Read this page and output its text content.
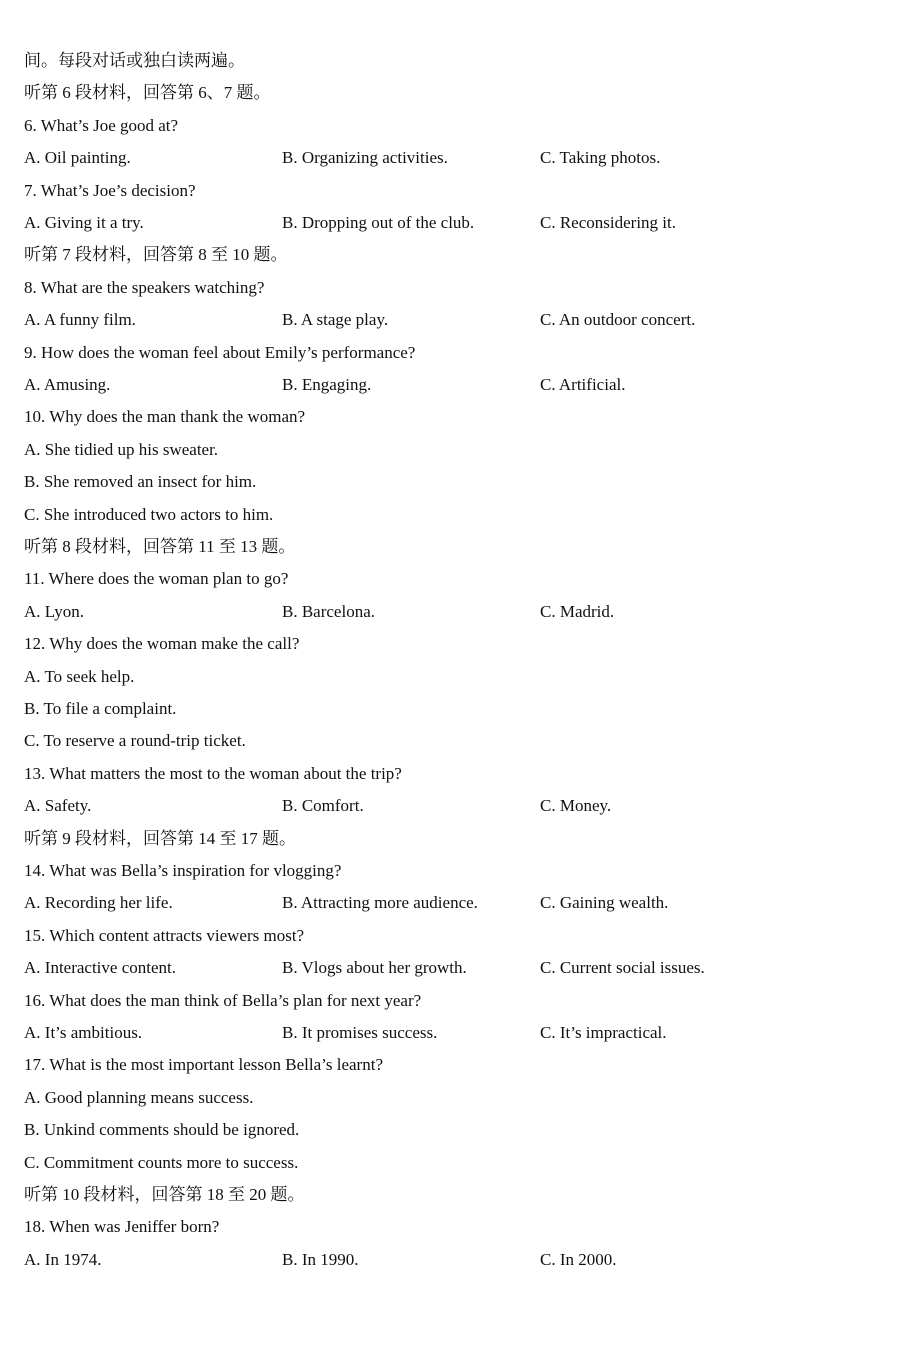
间。每段对话或独白读两遍。
听第 6 段材料，回答第 6、7 题。
6. What’s Joe good at?
A. Oil painting.	B. Organizing activities.	C. Taking photos.
7. What’s Joe’s decision?
A. Giving it a try.	B. Dropping out of the club.	C. Reconsidering it.
听第 7 段材料，回答第 8 至 10 题。
8. What are the speakers watching?
A. A funny film.	B. A stage play.	C. An outdoor concert.
9. How does the woman feel about Emily’s performance?
A. Amusing.	B. Engaging.	C. Artificial.
10. Why does the man thank the woman?
A. She tidied up his sweater.
B. She removed an insect for him.
C. She introduced two actors to him.
听第 8 段材料，回答第 11 至 13 题。
11. Where does the woman plan to go?
A. Lyon.	B. Barcelona.	C. Madrid.
12. Why does the woman make the call?
A. To seek help.
B. To file a complaint.
C. To reserve a round-trip ticket.
13. What matters the most to the woman about the trip?
A. Safety.	B. Comfort.	C. Money.
听第 9 段材料，回答第 14 至 17 题。
14. What was Bella’s inspiration for vlogging?
A. Recording her life.	B. Attracting more audience.	C. Gaining wealth.
15. Which content attracts viewers most?
A. Interactive content.	B. Vlogs about her growth.	C. Current social issues.
16. What does the man think of Bella’s plan for next year?
A. It’s ambitious.	B. It promises success.	C. It’s impractical.
17. What is the most important lesson Bella’s learnt?
A. Good planning means success.
B. Unkind comments should be ignored.
C. Commitment counts more to success.
听第 10 段材料，回答第 18 至 20 题。
18. When was Jeniffer born?
A. In 1974.	B. In 1990.	C. In 2000.
